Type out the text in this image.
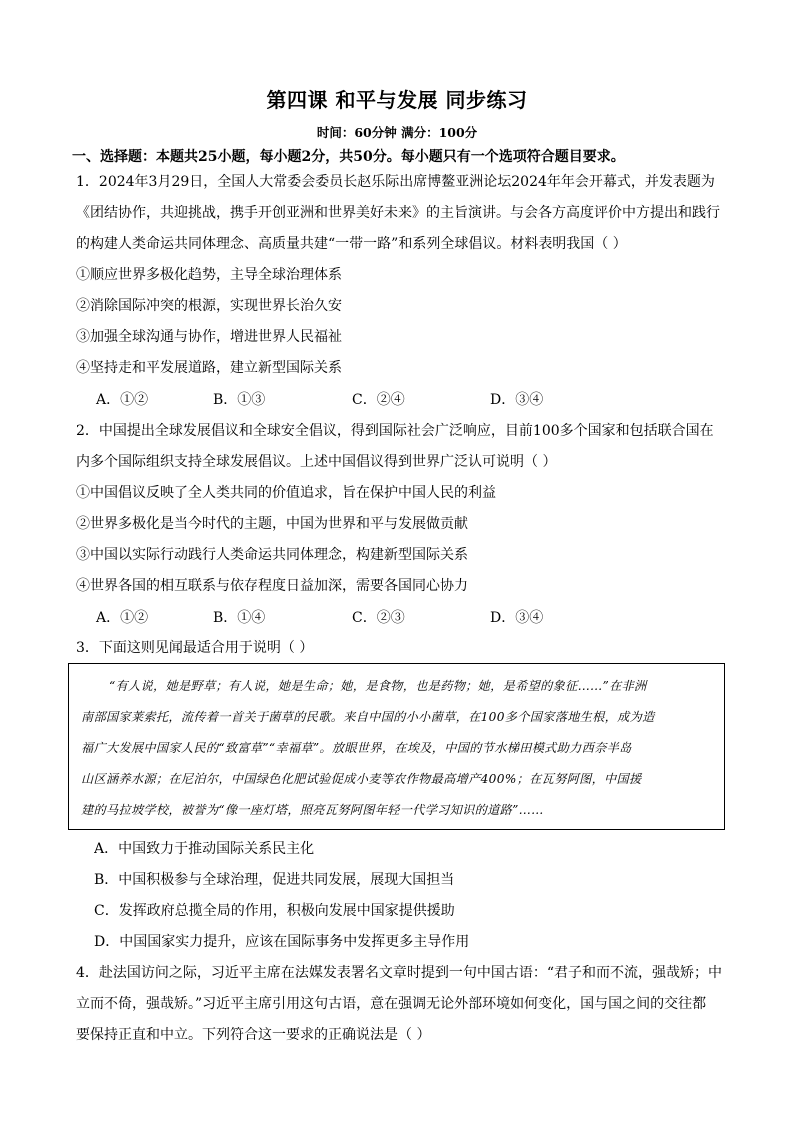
第四课 和平与发展 同步练习
时间：60分钟 满分：100分
一、选择题：本题共25小题，每小题2分，共50分。每小题只有一个选项符合题目要求。
1．2024年3月29日，全国人大常委会委员长赵乐际出席博鳌亚洲论坛2024年年会开幕式，并发表题为
《团结协作，共迎挑战，携手开创亚洲和世界美好未来》的主旨演讲。与会各方高度评价中方提出和践行
的构建人类命运共同体理念、高质量共建“一带一路”和系列全球倡议。材料表明我国（ ）
①顺应世界多极化趋势，主导全球治理体系
②消除国际冲突的根源，实现世界长治久安
③加强全球沟通与协作，增进世界人民福祉
④坚持走和平发展道路，建立新型国际关系
A．①②	B．①③	C．②④	D．③④
2．中国提出全球发展倡议和全球安全倡议，得到国际社会广泛响应，目前100多个国家和包括联合国在
内多个国际组织支持全球发展倡议。上述中国倡议得到世界广泛认可说明（ ）
①中国倡议反映了全人类共同的价值追求，旨在保护中国人民的利益
②世界多极化是当今时代的主题，中国为世界和平与发展做贡献
③中国以实际行动践行人类命运共同体理念，构建新型国际关系
④世界各国的相互联系与依存程度日益加深，需要各国同心协力
A．①②	B．①④	C．②③	D．③④
3．下面这则见闻最适合用于说明（ ）
“有人说，她是野草；有人说，她是生命；她，是食物，也是药物；她，是希望的象征……”在非洲
南部国家莱索托，流传着一首关于菌草的民歌。来自中国的小小菌草，在100多个国家落地生根，成为造
福广大发展中国家人民的“致富草”“幸福草”。放眼世界，在埃及，中国的节水梯田模式助力西奈半岛
山区涵养水源；在尼泊尔，中国绿色化肥试验促成小麦等农作物最高增产400%；在瓦努阿图，中国援
建的马拉坡学校，被誉为“像一座灯塔，照亮瓦努阿图年轻一代学习知识的道路”……
A．中国致力于推动国际关系民主化
B．中国积极参与全球治理，促进共同发展，展现大国担当
C．发挥政府总揽全局的作用，积极向发展中国家提供援助
D．中国国家实力提升，应该在国际事务中发挥更多主导作用
4．赴法国访问之际，习近平主席在法媒发表署名文章时提到一句中国古语：“君子和而不流，强哉矫；中
立而不倚，强哉矫。”习近平主席引用这句古语，意在强调无论外部环境如何变化，国与国之间的交往都
要保持正直和中立。下列符合这一要求的正确说法是（ ）
